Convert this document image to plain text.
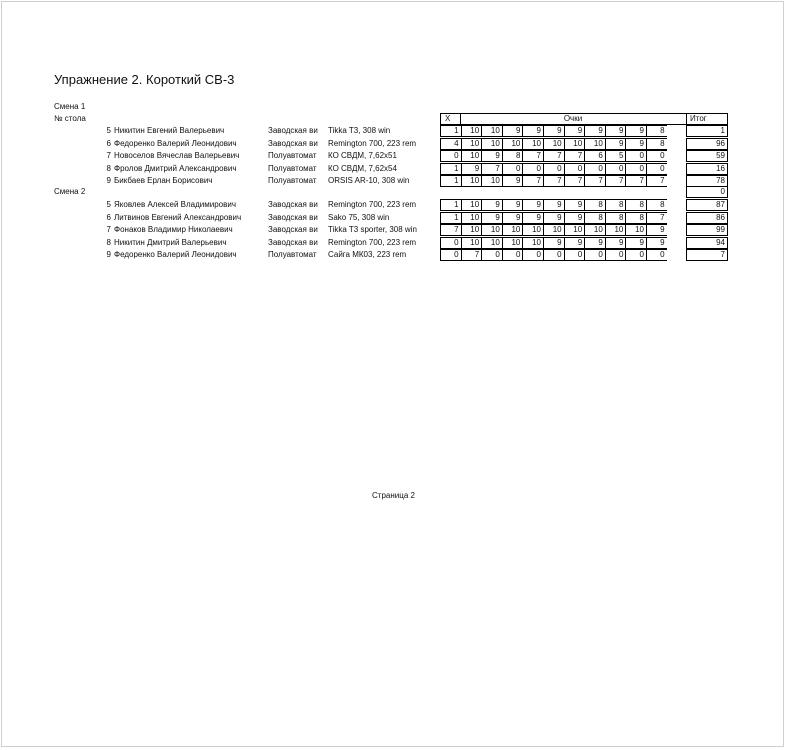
Упражнение 2. Короткий СВ-3
Смена 1
№ стола	X	Очки	Итог
5 Никитин Евгений Валерьевич	Заводская ви	Tikka T3, 308 win	1	10	10	9	9	9	9	9	9	9	8	1
6 Федоренко Валерий Леонидович	Заводская ви	Remington 700, 223 rem	4	10	10	10	10	10	10	10	9	9	8	96
7 Новоселов Вячеслав Валерьевич	Полуавтомат	КО СВДМ, 7,62x51	0	10	9	8	7	7	7	6	5	0	0	59
8 Фролов Дмитрий Александрович	Полуавтомат	КО СВДМ, 7,62x54	1	9	7	0	0	0	0	0	0	0	0	16
9 Бикбаев Ерлан Борисович	Полуавтомат	ORSIS AR-10, 308 win	1	10	10	9	7	7	7	7	7	7	7	78
Смена 2	0
5 Яковлев Алексей Владимирович	Заводская ви	Remington 700, 223 rem	1	10	9	9	9	9	9	8	8	8	8	87
6 Литвинов Евгений Александрович	Заводская ви	Sako 75, 308 win	1	10	9	9	9	9	9	8	8	8	7	86
7 Фонаков Владимир Николаевич	Заводская ви	Tikka T3 sporter, 308 win	7	10	10	10	10	10	10	10	10	10	9	99
8 Никитин Дмитрий Валерьевич	Заводская ви	Remington 700, 223 rem	0	10	10	10	10	9	9	9	9	9	9	94
9 Федоренко Валерий Леонидович	Полуавтомат	Сайга МК03, 223 rem	0	7	0	0	0	0	0	0	0	0	0	7
Страница 2
